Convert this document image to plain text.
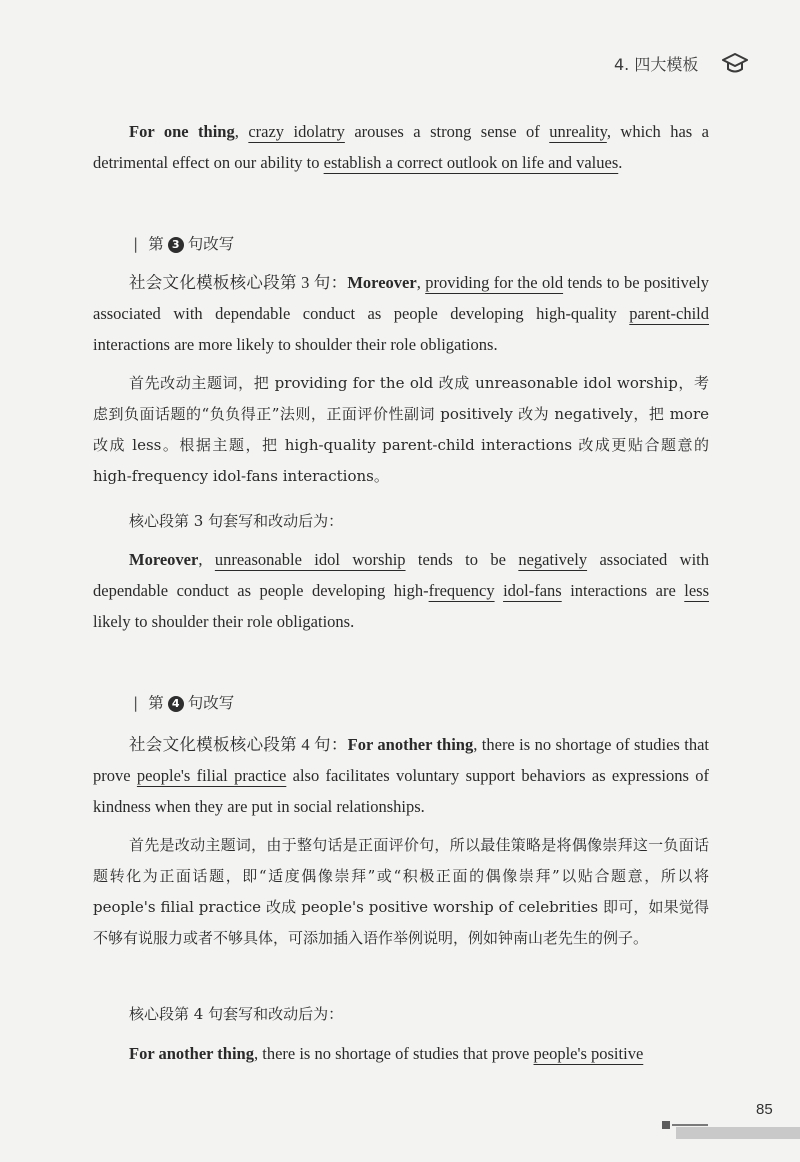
4. 四大模板

For one thing, crazy idolatry arouses a strong sense of unreality, which has a detrimental effect on our ability to establish a correct outlook on life and values.

| 第 3 句改写

社会文化模板核心段第 3 句：Moreover, providing for the old tends to be positively associated with dependable conduct as people developing high-quality parent-child interactions are more likely to shoulder their role obligations.

首先改动主题词，把 providing for the old 改成 unreasonable idol worship，考虑到负面话题的“负负得正”法则，正面评价性副词 positively 改为 negatively，把 more 改成 less。根据主题，把 high-quality parent-child interactions 改成更贴合题意的 high-frequency idol-fans interactions。

核心段第 3 句套写和改动后为：

Moreover, unreasonable idol worship tends to be negatively associated with dependable conduct as people developing high-frequency idol-fans interactions are less likely to shoulder their role obligations.

| 第 4 句改写

社会文化模板核心段第 4 句：For another thing, there is no shortage of studies that prove people's filial practice also facilitates voluntary support behaviors as expressions of kindness when they are put in social relationships.

首先是改动主题词，由于整句话是正面评价句，所以最佳策略是将偶像崇拜这一负面话题转化为正面话题，即“适度偶像崇拜”或“积极正面的偶像崇拜”以贴合题意，所以将 people's filial practice 改成 people's positive worship of celebrities 即可，如果觉得不够有说服力或者不够具体，可添加插入语作举例说明，例如钟南山老先生的例子。

核心段第 4 句套写和改动后为：

For another thing, there is no shortage of studies that prove people's positive

85
